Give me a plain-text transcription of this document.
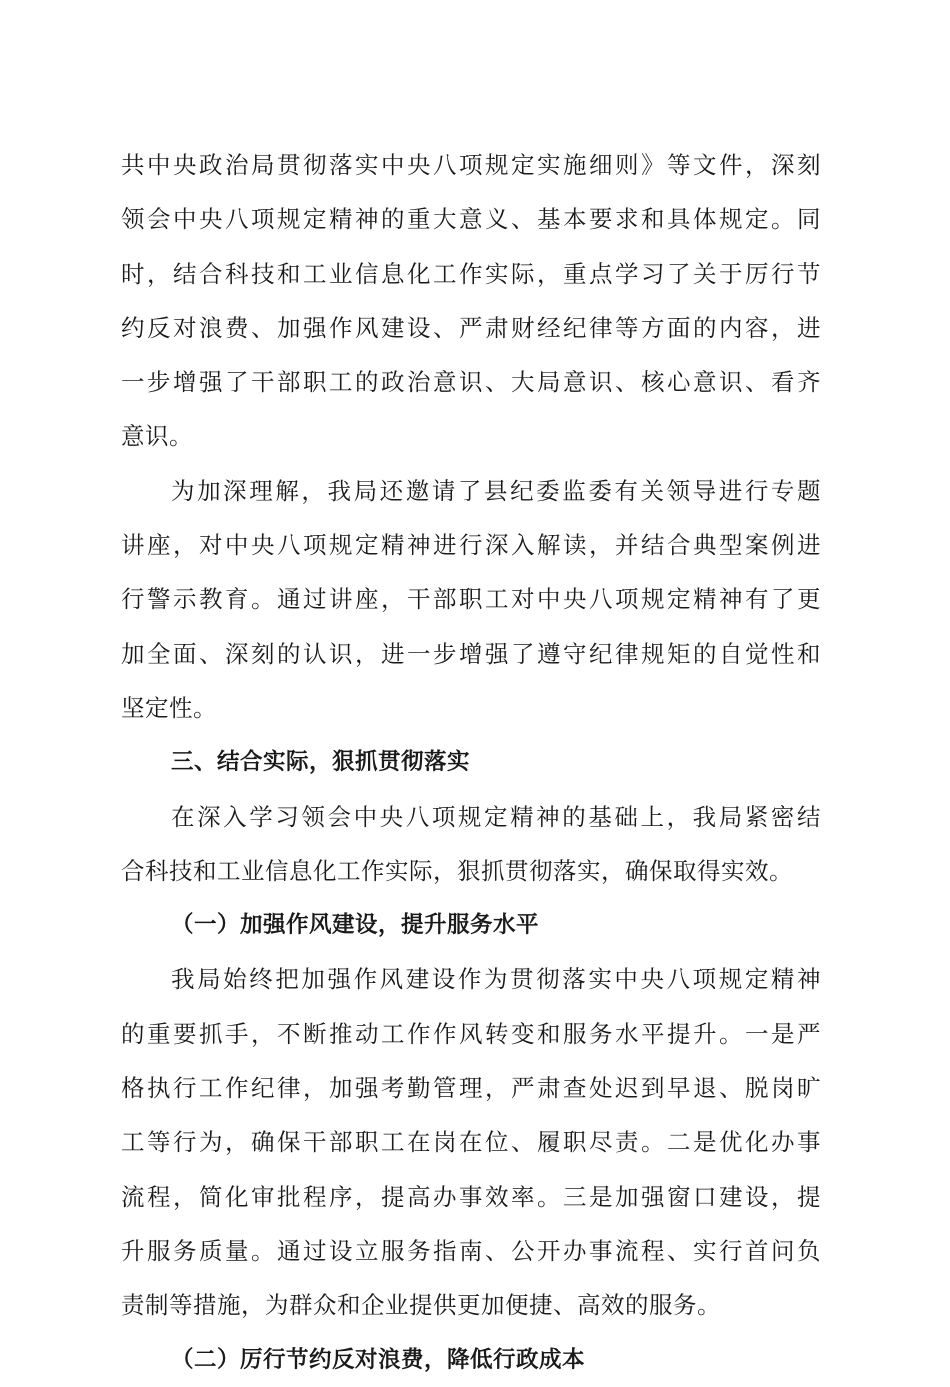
共中央政治局贯彻落实中央八项规定实施细则》等文件，深刻
领会中央八项规定精神的重大意义、基本要求和具体规定。同
时，结合科技和工业信息化工作实际，重点学习了关于厉行节
约反对浪费、加强作风建设、严肃财经纪律等方面的内容，进
一步增强了干部职工的政治意识、大局意识、核心意识、看齐
意识。
为加深理解，我局还邀请了县纪委监委有关领导进行专题
讲座，对中央八项规定精神进行深入解读，并结合典型案例进
行警示教育。通过讲座，干部职工对中央八项规定精神有了更
加全面、深刻的认识，进一步增强了遵守纪律规矩的自觉性和
坚定性。
三、结合实际，狠抓贯彻落实
在深入学习领会中央八项规定精神的基础上，我局紧密结
合科技和工业信息化工作实际，狠抓贯彻落实，确保取得实效。
（一）加强作风建设，提升服务水平
我局始终把加强作风建设作为贯彻落实中央八项规定精神
的重要抓手，不断推动工作作风转变和服务水平提升。一是严
格执行工作纪律，加强考勤管理，严肃查处迟到早退、脱岗旷
工等行为，确保干部职工在岗在位、履职尽责。二是优化办事
流程，简化审批程序，提高办事效率。三是加强窗口建设，提
升服务质量。通过设立服务指南、公开办事流程、实行首问负
责制等措施，为群众和企业提供更加便捷、高效的服务。
（二）厉行节约反对浪费，降低行政成本
